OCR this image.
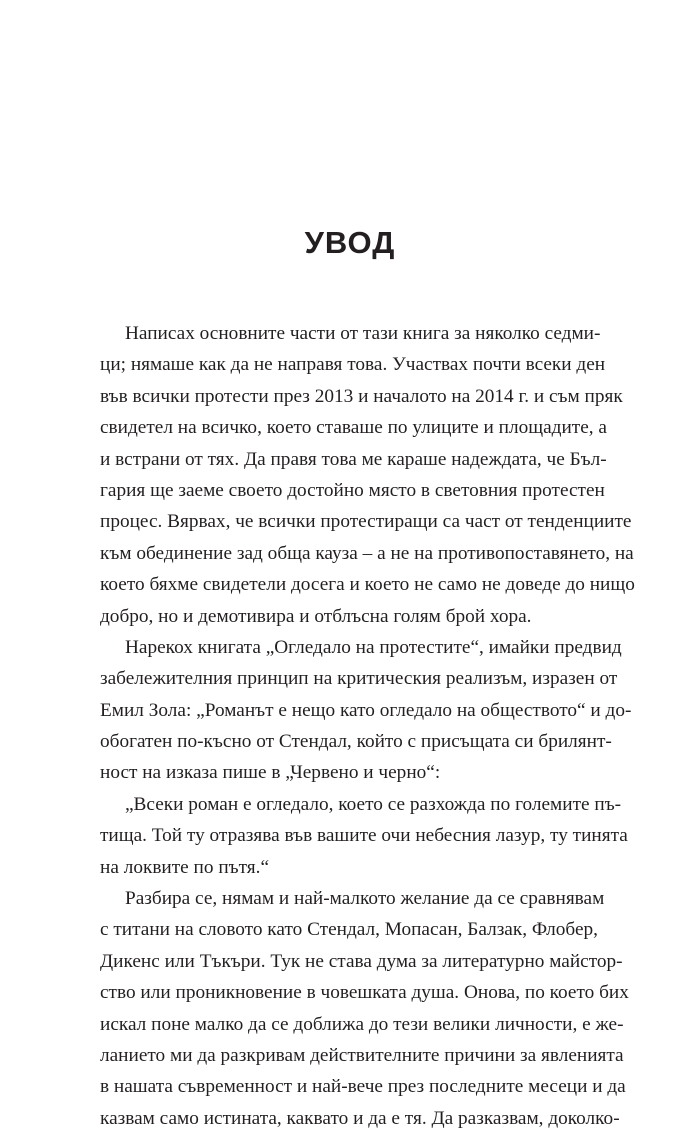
УВОД
Написах основните части от тази книга за няколко седми-
ци; нямаше как да не направя това. Участвах почти всеки ден
във всички протести през 2013 и началото на 2014 г. и съм пряк
свидетел на всичко, което ставаше по улиците и площадите, а
и встрани от тях. Да правя това ме караше надеждата, че Бъл-
гария ще заеме своето достойно място в световния протестен
процес. Вярвах, че всички протестиращи са част от тенденциите
към обединение зад обща кауза – а не на противопоставянето, на
което бяхме свидетели досега и което не само не доведе до нищо
добро, но и демотивира и отблъсна голям брой хора.
Нарекох книгата „Огледало на протестите“, имайки предвид
забележителния принцип на критическия реализъм, изразен от
Емил Зола: „Романът е нещо като огледало на обществото“ и до-
обогатен по-късно от Стендал, който с присъщата си брилянт-
ност на изказа пише в „Червено и черно“:
„Всеки роман е огледало, което се разхожда по големите пъ-
тища. Той ту отразява във вашите очи небесния лазур, ту тинята
на локвите по пътя.“
Разбира се, нямам и най-малкото желание да се сравнявам
с титани на словото като Стендал, Мопасан, Балзак, Флобер,
Дикенс или Тъкъри. Тук не става дума за литературно майстор-
ство или проникновение в човешката душа. Онова, по което бих
искал поне малко да се доближа до тези велики личности, е же-
ланието ми да разкривам действителните причини за явленията
в нашата съвременност и най-вече през последните месеци и да
казвам само истината, каквато и да е тя. Да разказвам, доколко-
